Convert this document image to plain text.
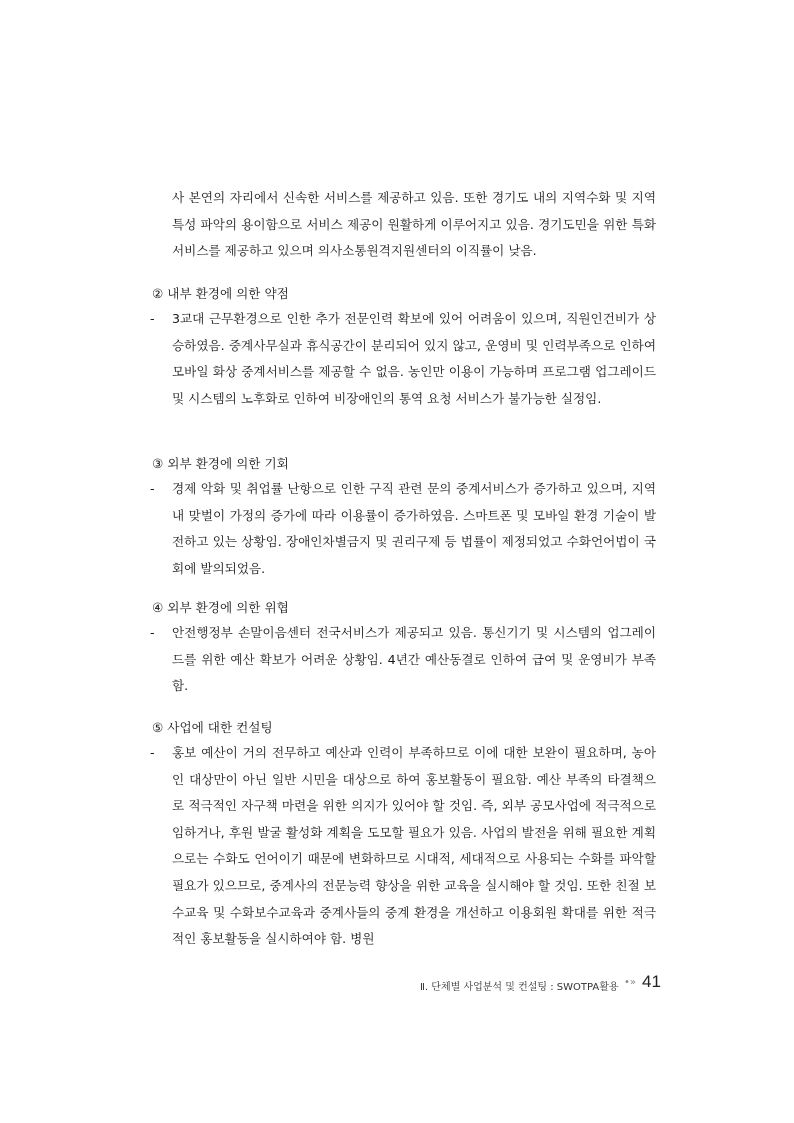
사 본연의 자리에서 신속한 서비스를 제공하고 있음. 또한 경기도 내의 지역수화 및 지역특성 파악의 용이함으로 서비스 제공이 원활하게 이루어지고 있음. 경기도민을 위한 특화서비스를 제공하고 있으며 의사소통원격지원센터의 이직률이 낮음.

② 내부 환경에 의한 약점
- 3교대 근무환경으로 인한 추가 전문인력 확보에 있어 어려움이 있으며, 직원인건비가 상승하였음. 중계사무실과 휴식공간이 분리되어 있지 않고, 운영비 및 인력부족으로 인하여 모바일 화상 중계서비스를 제공할 수 없음. 농인만 이용이 가능하며 프로그램 업그레이드 및 시스템의 노후화로 인하여 비장애인의 통역 요청 서비스가 불가능한 실정임.

③ 외부 환경에 의한 기회
- 경제 악화 및 취업률 난항으로 인한 구직 관련 문의 중계서비스가 증가하고 있으며, 지역 내 맞벌이 가정의 증가에 따라 이용률이 증가하였음. 스마트폰 및 모바일 환경 기술이 발전하고 있는 상황임. 장애인차별금지 및 권리구제 등 법률이 제정되었고 수화언어법이 국회에 발의되었음.

④ 외부 환경에 의한 위협
- 안전행정부 손말이음센터 전국서비스가 제공되고 있음. 통신기기 및 시스템의 업그레이드를 위한 예산 확보가 어려운 상황임. 4년간 예산동결로 인하여 급여 및 운영비가 부족함.

⑤ 사업에 대한 컨설팅
- 홍보 예산이 거의 전무하고 예산과 인력이 부족하므로 이에 대한 보완이 필요하며, 농아인 대상만이 아닌 일반 시민을 대상으로 하여 홍보활동이 필요함. 예산 부족의 타결책으로 적극적인 자구책 마련을 위한 의지가 있어야 할 것임. 즉, 외부 공모사업에 적극적으로 임하거나, 후원 발굴 활성화 계획을 도모할 필요가 있음. 사업의 발전을 위해 필요한 계획으로는 수화도 언어이기 때문에 변화하므로 시대적, 세대적으로 사용되는 수화를 파악할 필요가 있으므로, 중계사의 전문능력 향상을 위한 교육을 실시해야 할 것임. 또한 친절 보수교육 및 수화보수교육과 중계사들의 중계 환경을 개선하고 이용회원 확대를 위한 적극적인 홍보활동을 실시하여야 함. 병원

Ⅱ. 단체별 사업분석 및 컨설팅 : SWOTPA활용 •» 41
